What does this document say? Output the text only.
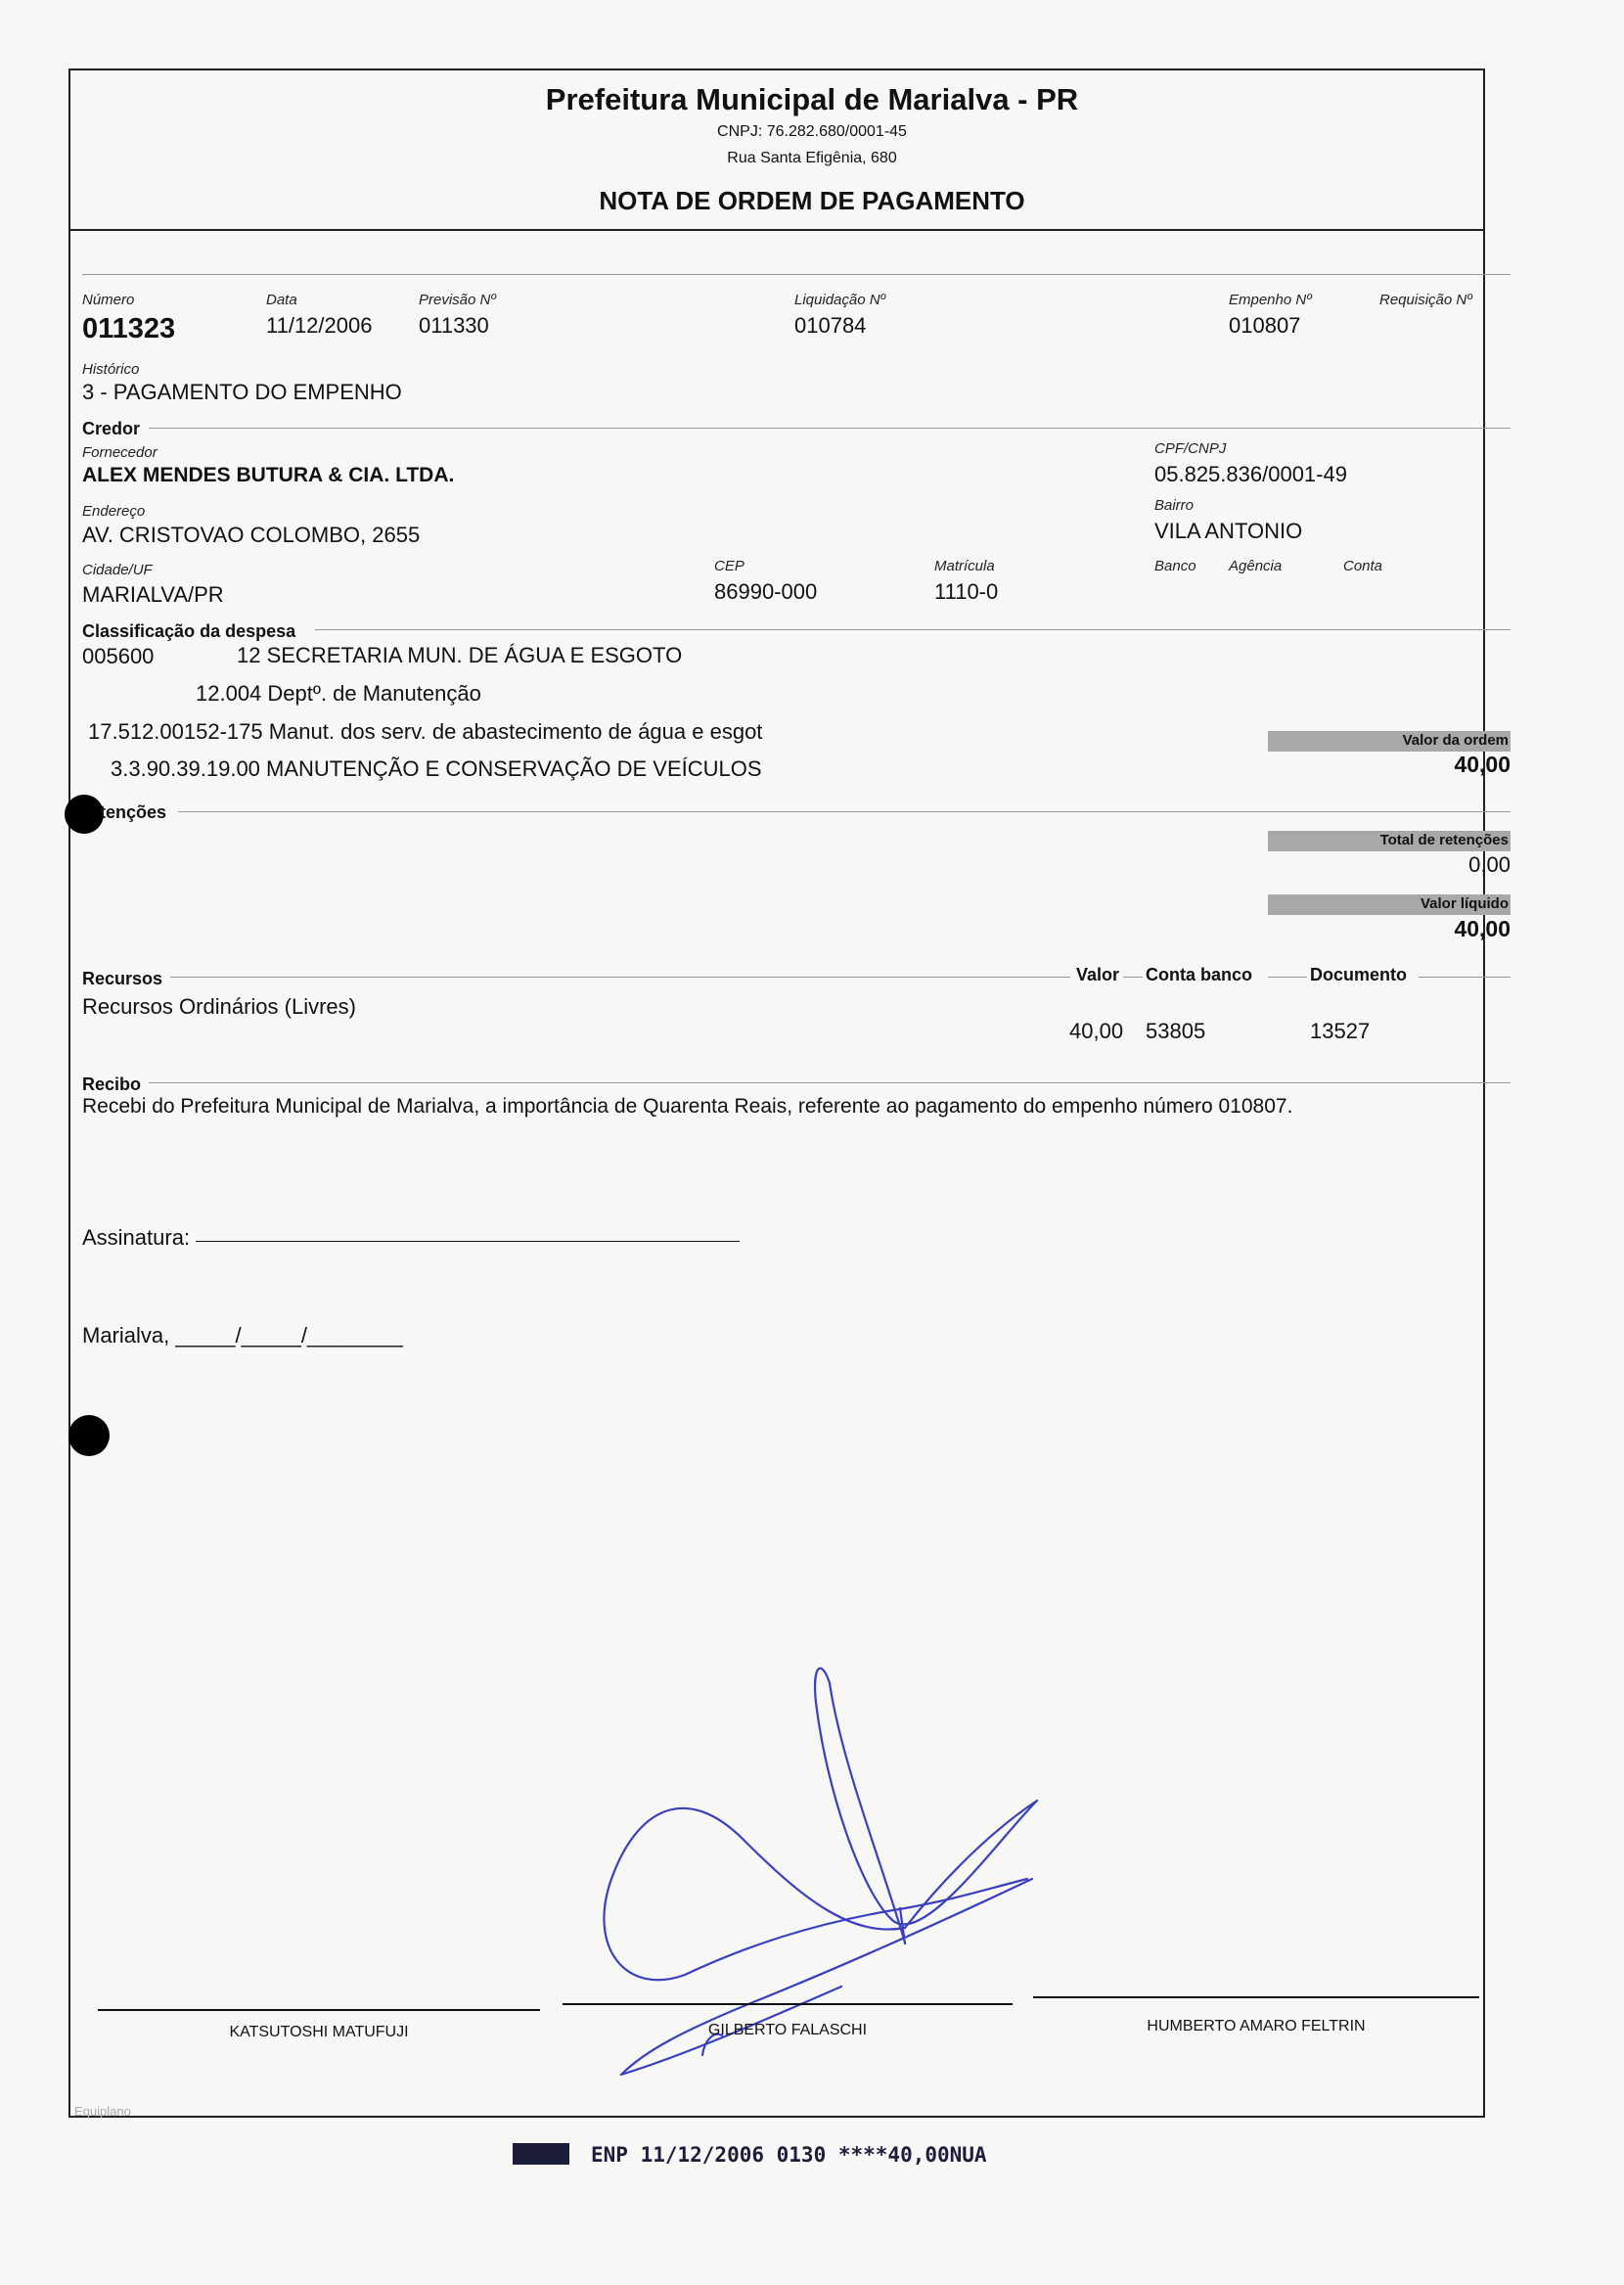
Prefeitura Municipal de Marialva - PR
CNPJ: 76.282.680/0001-45
Rua Santa Efigênia, 680
NOTA DE ORDEM DE PAGAMENTO
Número
011323
Data
11/12/2006
Previsão Nº
011330
Liquidação Nº
010784
Empenho Nº
010807
Requisição Nº
Histórico
3 - PAGAMENTO DO EMPENHO
Credor
Fornecedor
ALEX MENDES BUTURA & CIA. LTDA.
CPF/CNPJ
05.825.836/0001-49
Endereço
AV. CRISTOVAO COLOMBO, 2655
Bairro
VILA ANTONIO
Cidade/UF
MARIALVA/PR
CEP
86990-000
Matrícula
1110-0
Banco Agência	Conta
Classificação da despesa
005600	12 SECRETARIA MUN. DE ÁGUA E ESGOTO
12.004 Deptº. de Manutenção
17.512.00152-175 Manut. dos serv. de abastecimento de água e esgot
3.3.90.39.19.00 MANUTENÇÃO E CONSERVAÇÃO DE VEÍCULOS
Valor da ordem
40,00
tenções
Total de retenções
0,00
Valor líquido
40,00
Recursos	Valor Conta banco	Documento
Recursos Ordinários (Livres)
40,00 53805	13527
Recibo
Recebi do Prefeitura Municipal de Marialva, a importância de Quarenta Reais, referente ao pagamento do empenho número 010807.
Assinatura:
Marialva, _____/_____/________
KATSUTOSHI MATUFUJI	GILBERTO FALASCHI	HUMBERTO AMARO FELTRIN
Equiplano
ENP 11/12/2006 0130 ****40,00NUA
